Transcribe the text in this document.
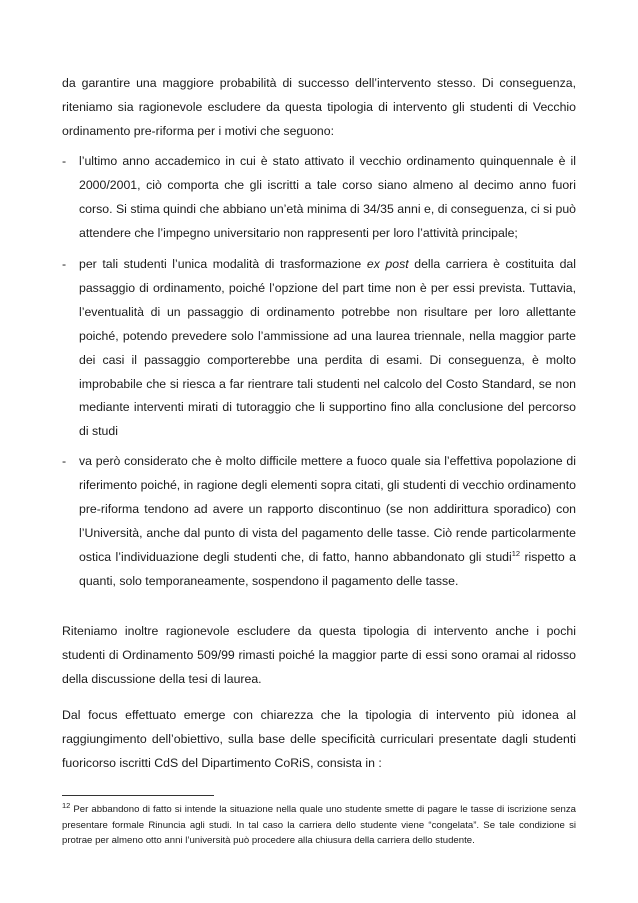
da garantire una maggiore probabilità di successo dell’intervento stesso. Di conseguenza, riteniamo sia ragionevole escludere da questa tipologia di intervento gli studenti di Vecchio ordinamento pre-riforma per i motivi che seguono:

-	l’ultimo anno accademico in cui è stato attivato il vecchio ordinamento quinquennale è il 2000/2001, ciò comporta che gli iscritti a tale corso siano almeno al decimo anno fuori corso. Si stima quindi che abbiano un’età minima di 34/35 anni e, di conseguenza, ci si può attendere che l’impegno universitario non rappresenti per loro l’attività principale;

-	per tali studenti l’unica modalità di trasformazione ex post della carriera è costituita dal passaggio di ordinamento, poiché l’opzione del part time non è per essi prevista. Tuttavia, l’eventualità di un passaggio di ordinamento potrebbe non risultare per loro allettante poiché, potendo prevedere solo l’ammissione ad una laurea triennale, nella maggior parte dei casi il passaggio comporterebbe una perdita di esami. Di conseguenza, è molto improbabile che si riesca a far rientrare tali studenti nel calcolo del Costo Standard, se non mediante interventi mirati di tutoraggio che li supportino fino alla conclusione del percorso di studi

-	va però considerato che è molto difficile mettere a fuoco quale sia l’effettiva popolazione di riferimento poiché, in ragione degli elementi sopra citati, gli studenti di vecchio ordinamento pre-riforma tendono ad avere un rapporto discontinuo (se non addirittura sporadico) con l’Università, anche dal punto di vista del pagamento delle tasse. Ciò rende particolarmente ostica l’individuazione degli studenti che, di fatto, hanno abbandonato gli studi$^{12}$ rispetto a quanti, solo temporaneamente, sospendono il pagamento delle tasse.

Riteniamo inoltre ragionevole escludere da questa tipologia di intervento anche i pochi studenti di Ordinamento 509/99 rimasti poiché la maggior parte di essi sono oramai al ridosso della discussione della tesi di laurea.

Dal focus effettuato emerge con chiarezza che la tipologia di intervento più idonea al raggiungimento dell’obiettivo, sulla base delle specificità curriculari presentate dagli studenti fuoricorso iscritti CdS del Dipartimento CoRiS, consista in :

$^{12}$ Per abbandono di fatto si intende la situazione nella quale uno studente smette di pagare le tasse di iscrizione senza presentare formale Rinuncia agli studi. In tal caso la carriera dello studente viene “congelata”. Se tale condizione si protrae per almeno otto anni l’università può procedere alla chiusura della carriera dello studente.
